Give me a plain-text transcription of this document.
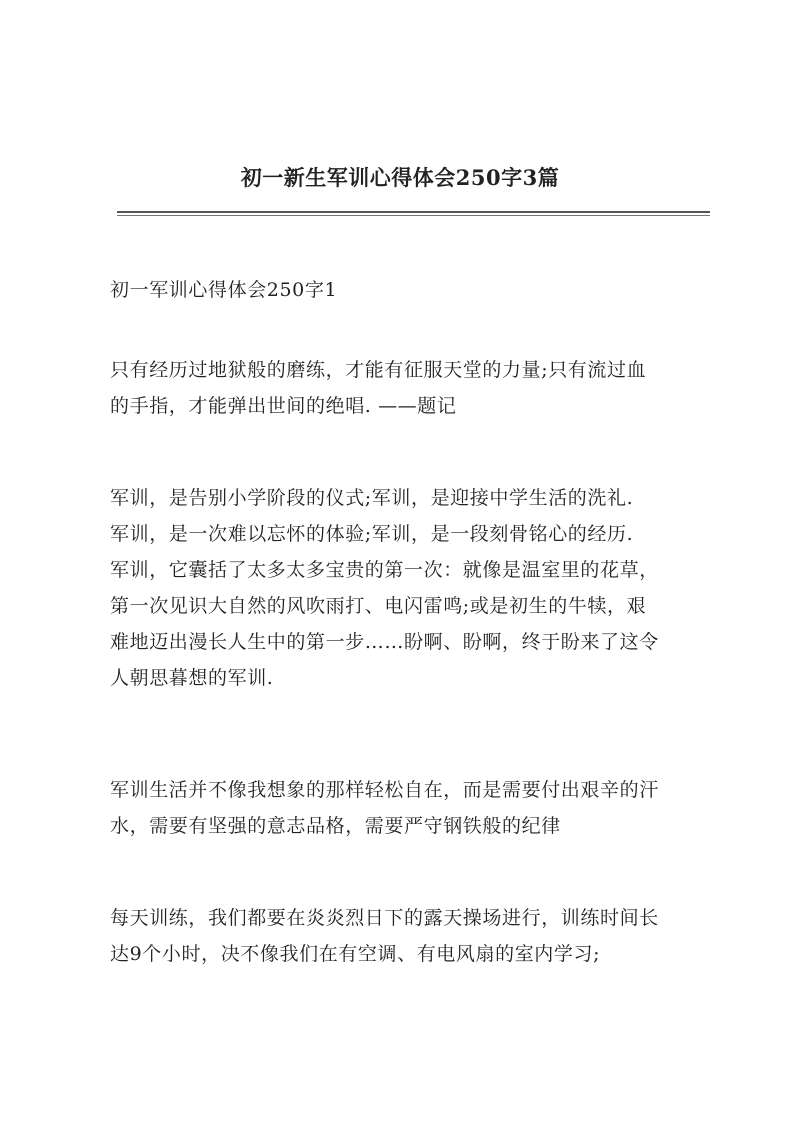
初一新生军训心得体会250字3篇
初一军训心得体会250字1
只有经历过地狱般的磨练，才能有征服天堂的力量;只有流过血
的手指，才能弹出世间的绝唱. ——题记
军训，是告别小学阶段的仪式;军训，是迎接中学生活的洗礼.
军训，是一次难以忘怀的体验;军训，是一段刻骨铭心的经历.
军训，它囊括了太多太多宝贵的第一次：就像是温室里的花草，
第一次见识大自然的风吹雨打、电闪雷鸣;或是初生的牛犊，艰
难地迈出漫长人生中的第一步……盼啊、盼啊，终于盼来了这令
人朝思暮想的军训.
军训生活并不像我想象的那样轻松自在，而是需要付出艰辛的汗
水，需要有坚强的意志品格，需要严守钢铁般的纪律
每天训练，我们都要在炎炎烈日下的露天操场进行，训练时间长
达9个小时，决不像我们在有空调、有电风扇的室内学习;
